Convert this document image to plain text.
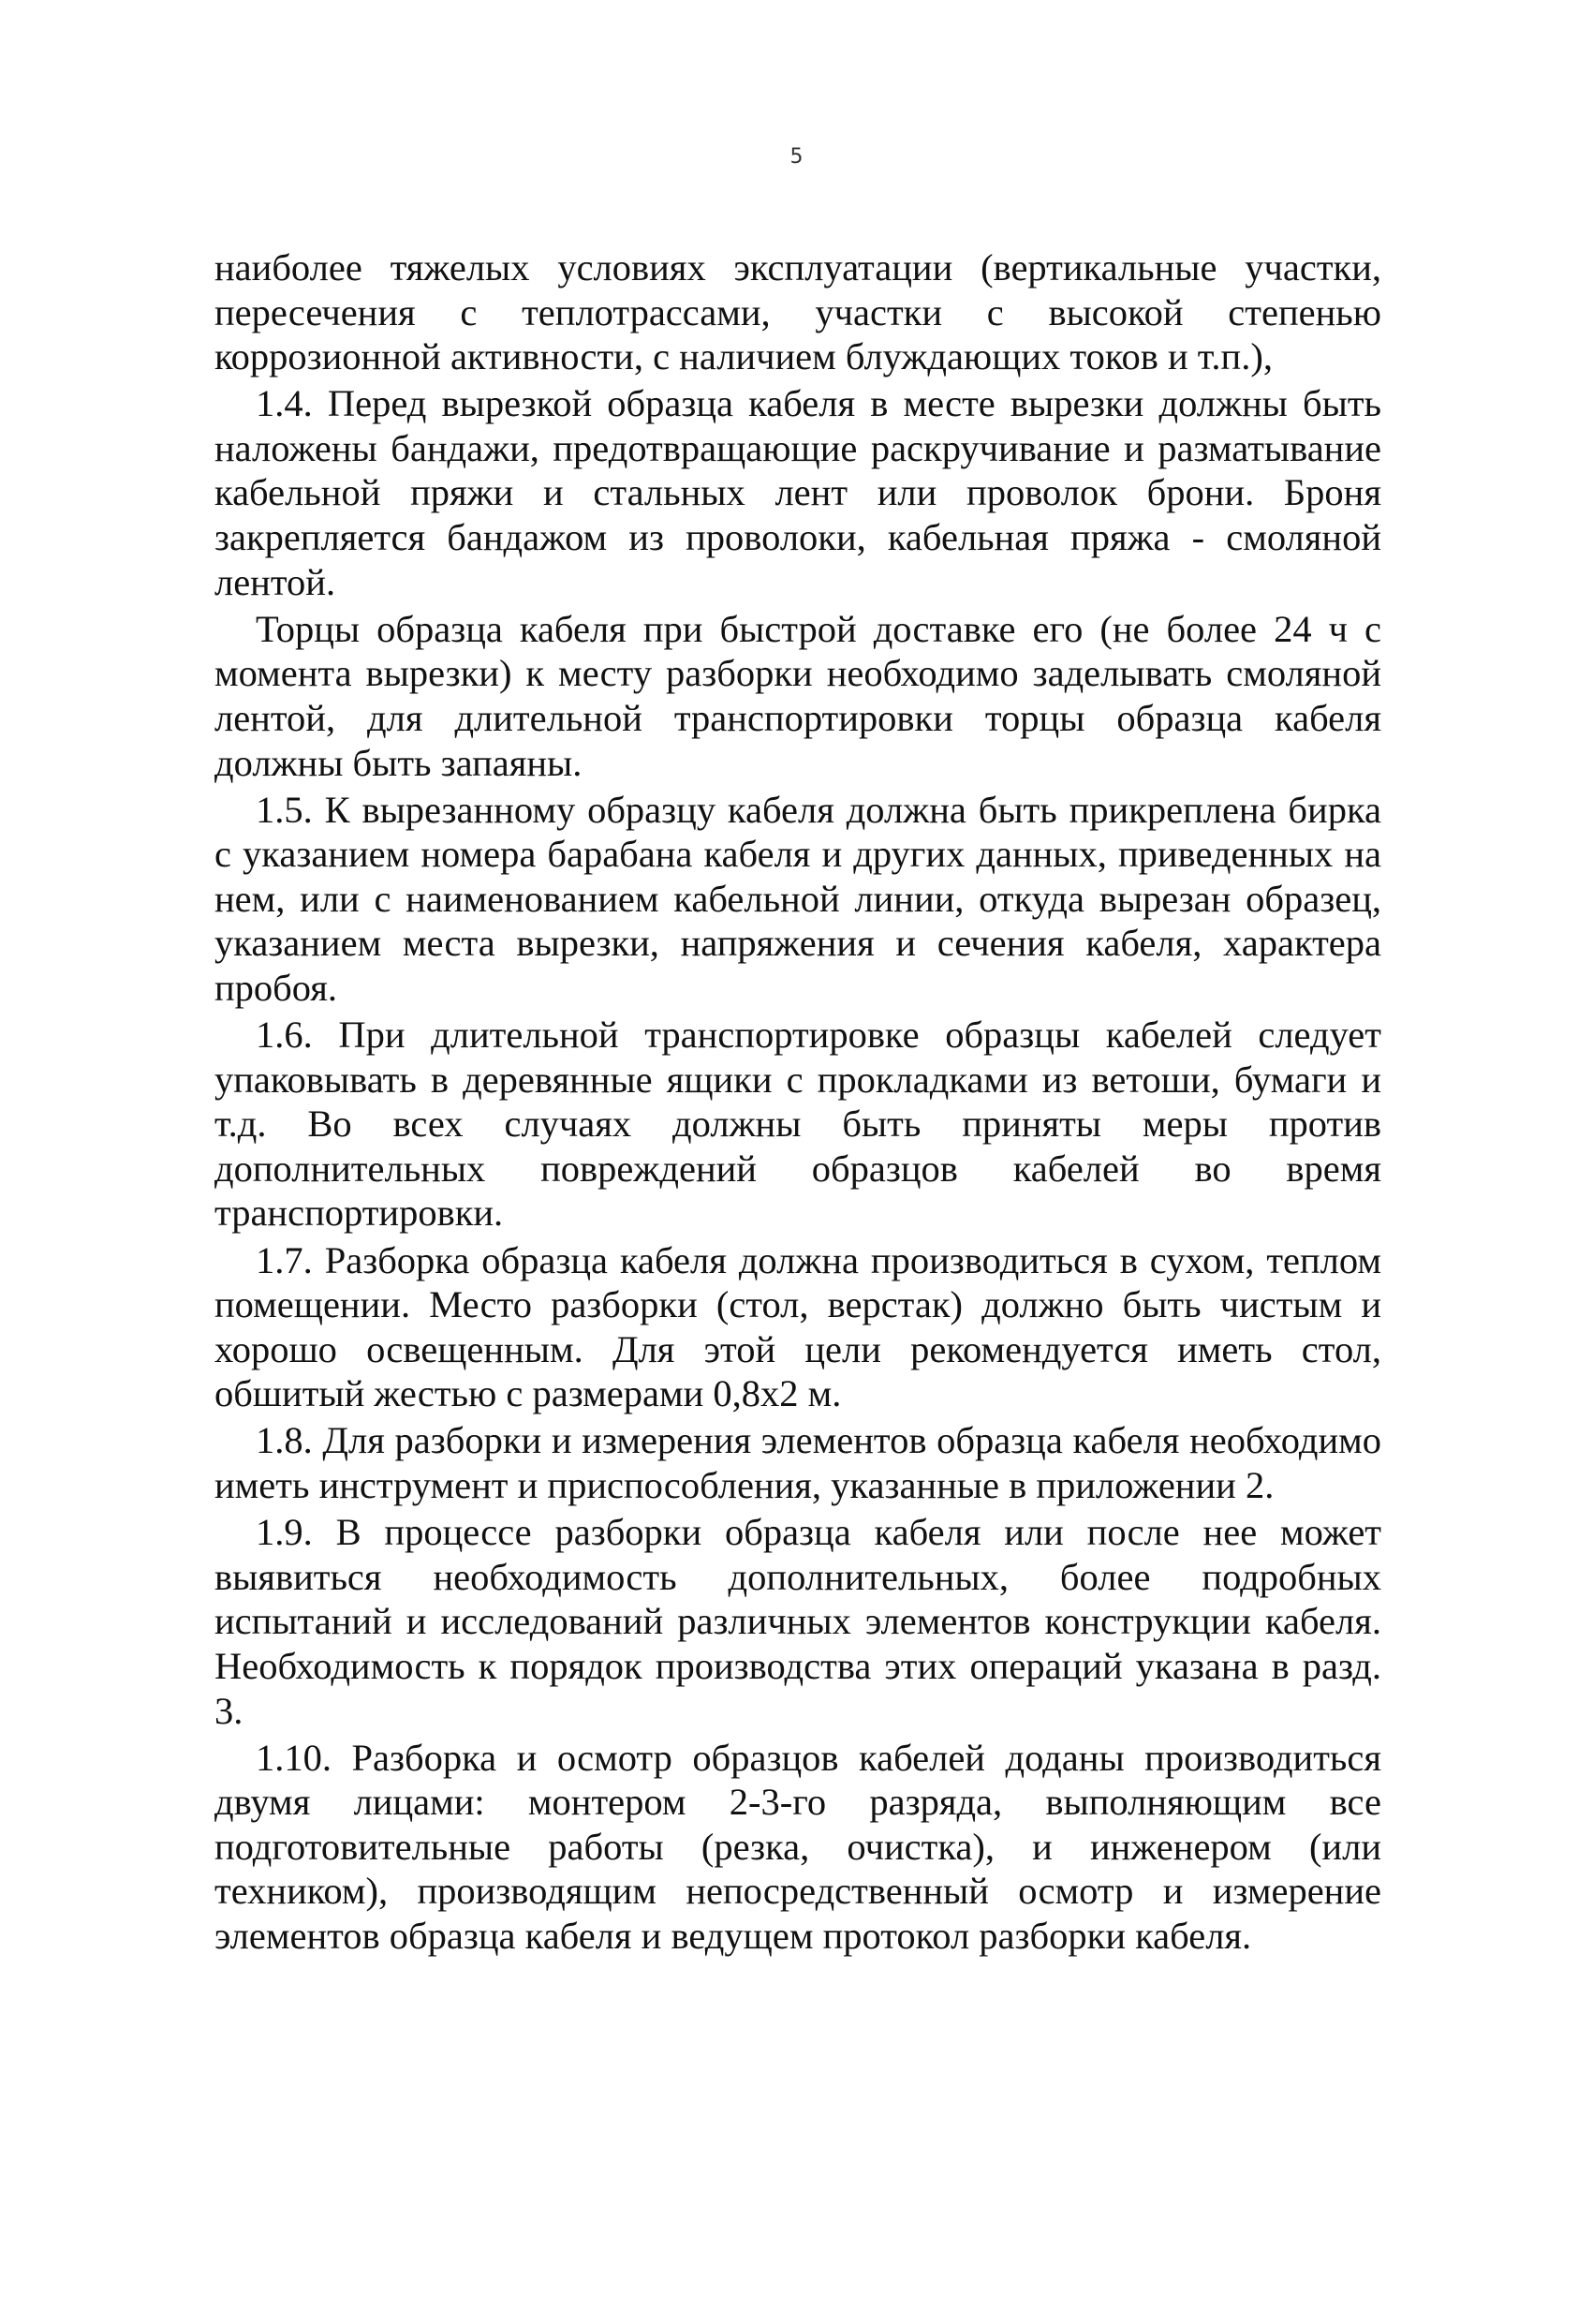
5

наиболее тяжелых условиях эксплуатации (вертикальные участки, пересечения с теплотрассами, участки с высокой степенью коррозионной активности, с наличием блуждающих токов и т.п.),

1.4. Перед вырезкой образца кабеля в месте вырезки должны быть наложены бандажи, предотвращающие раскручивание и разматывание кабельной пряжи и стальных лент или проволок брони. Броня закрепляется бандажом из проволоки, кабельная пряжа - смоляной лентой.

Торцы образца кабеля при быстрой доставке его (не более 24 ч с момента вырезки) к месту разборки необходимо заделывать смоляной лентой, для длительной транспортировки торцы образца кабеля должны быть запаяны.

1.5. К вырезанному образцу кабеля должна быть прикреплена бирка с указанием номера барабана кабеля и других данных, приведенных на нем, или с наименованием кабельной линии, откуда вырезан образец, указанием места вырезки, напряжения и сечения кабеля, характера пробоя.

1.6. При длительной транспортировке образцы кабелей следует упаковывать в деревянные ящики с прокладками из ветоши, бумаги и т.д. Во всех случаях должны быть приняты меры против дополнительных повреждений образцов кабелей во время транспортировки.

1.7. Разборка образца кабеля должна производиться в сухом, теплом помещении. Место разборки (стол, верстак) должно быть чистым и хорошо освещенным. Для этой цели рекомендуется иметь стол, обшитый жестью с размерами 0,8х2 м.

1.8. Для разборки и измерения элементов образца кабеля необходимо иметь инструмент и приспособления, указанные в приложении 2.

1.9. В процессе разборки образца кабеля или после нее может выявиться необходимость дополнительных, более подробных испытаний и исследований различных элементов конструкции кабеля. Необходимость к порядок производства этих операций указана в разд. 3.

1.10. Разборка и осмотр образцов кабелей доданы производиться двумя лицами: монтером 2-3-го разряда, выполняющим все подготовительные работы (резка, очистка), и инженером (или техником), производящим непосредственный осмотр и измерение элементов образца кабеля и ведущем протокол разборки кабеля.
